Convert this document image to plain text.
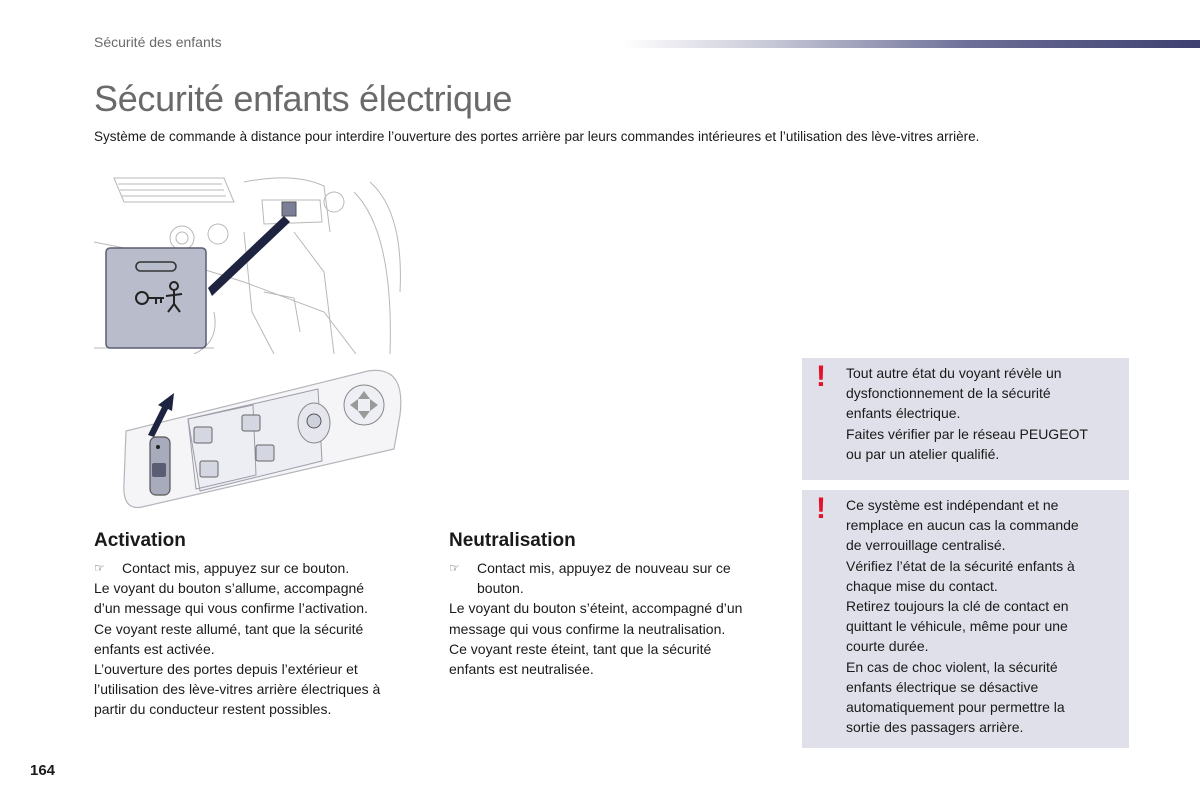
Sécurité des enfants
Sécurité enfants électrique
Système de commande à distance pour interdire l’ouverture des portes arrière par leurs commandes intérieures et l’utilisation des lève-vitres arrière.
Activation

☞ Contact mis, appuyez sur ce bouton.

Le voyant du bouton s’allume, accompagné

d’un message qui vous confirme l’activation.

Ce voyant reste allumé, tant que la sécurité

enfants est activée.

L’ouverture des portes depuis l’extérieur et

l’utilisation des lève-vitres arrière électriques à

partir du conducteur restent possibles.

Neutralisation

☞ Contact mis, appuyez de nouveau sur ce

bouton.

Le voyant du bouton s’éteint, accompagné d’un

message qui vous confirme la neutralisation.

Ce voyant reste éteint, tant que la sécurité

enfants est neutralisée.

! Tout autre état du voyant révèle un

dysfonctionnement de la sécurité

enfants électrique.

Faites vérifier par le réseau PEUGEOT

ou par un atelier qualifié.

! Ce système est indépendant et ne

remplace en aucun cas la commande

de verrouillage centralisé.

Vérifiez l’état de la sécurité enfants à

chaque mise du contact.

Retirez toujours la clé de contact en

quittant le véhicule, même pour une

courte durée.

En cas de choc violent, la sécurité

enfants électrique se désactive

automatiquement pour permettre la

sortie des passagers arrière.

164
